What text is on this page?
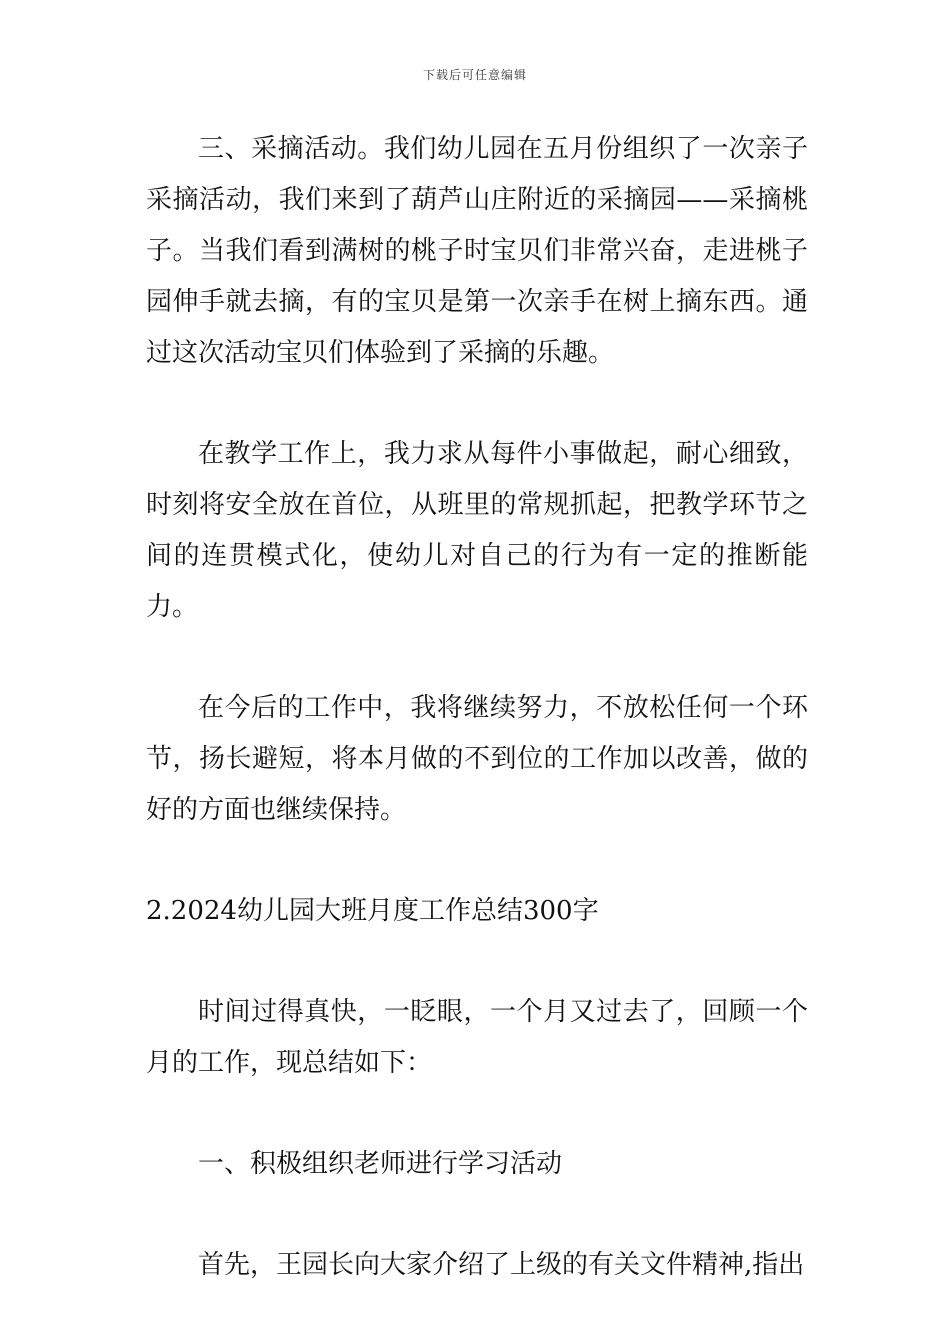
下载后可任意编辑

三、采摘活动。我们幼儿园在五月份组织了一次亲子采摘活动，我们来到了葫芦山庄附近的采摘园——采摘桃子。当我们看到满树的桃子时宝贝们非常兴奋，走进桃子园伸手就去摘，有的宝贝是第一次亲手在树上摘东西。通过这次活动宝贝们体验到了采摘的乐趣。

在教学工作上，我力求从每件小事做起，耐心细致，时刻将安全放在首位，从班里的常规抓起，把教学环节之间的连贯模式化，使幼儿对自己的行为有一定的推断能力。

在今后的工作中，我将继续努力，不放松任何一个环节，扬长避短，将本月做的不到位的工作加以改善，做的好的方面也继续保持。

2.2024幼儿园大班月度工作总结300字

时间过得真快，一眨眼，一个月又过去了，回顾一个月的工作，现总结如下：

一、积极组织老师进行学习活动

首先，王园长向大家介绍了上级的有关文件精神,指出
